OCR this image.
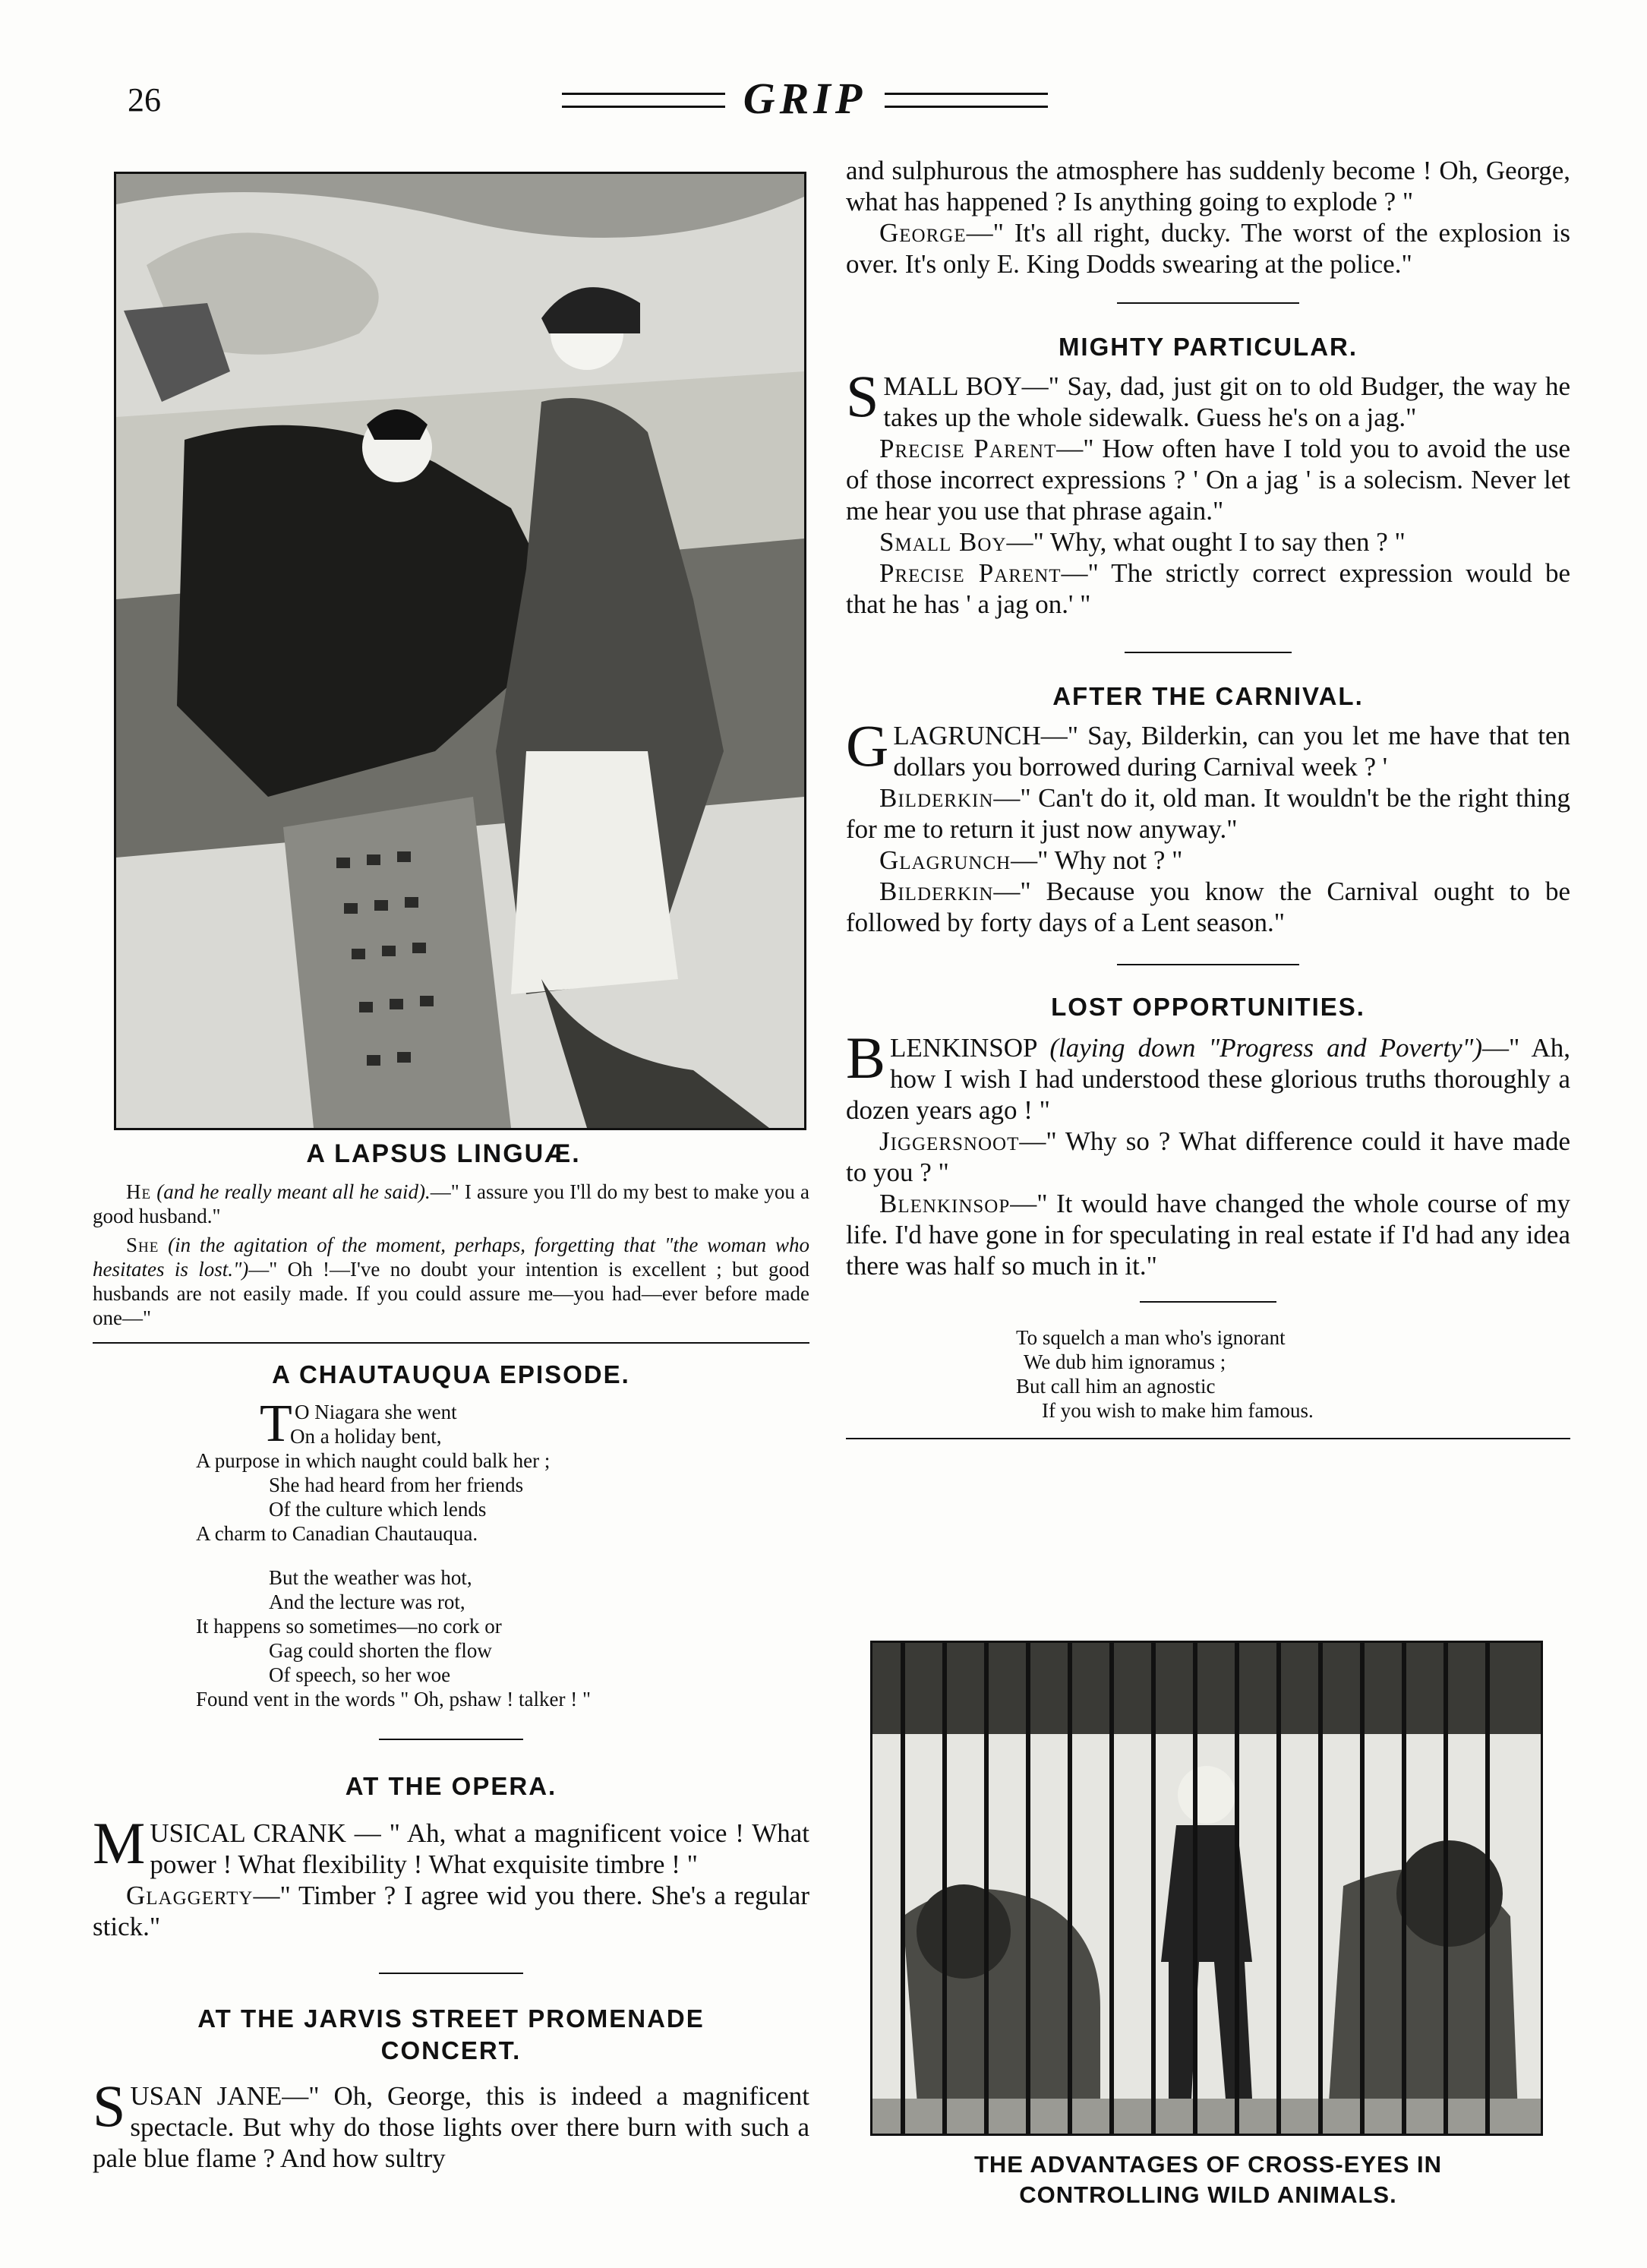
26	GRIP

A LAPSUS LINGUÆ.

He (and he really meant all he said).—" I assure you I'll do my best to make you a good husband."

She (in the agitation of the moment, perhaps, forgetting that "the woman who hesitates is lost.")—" Oh !—I've no doubt your intention is excellent ; but good husbands are not easily made. If you could assure me—you had—ever before made one—"

A CHAUTAUQUA EPISODE.

T O Niagara she went
On a holiday bent,
A purpose in which naught could balk her ;
She had heard from her friends
Of the culture which lends
A charm to Canadian Chautauqua.
But the weather was hot,
And the lecture was rot,
It happens so sometimes—no cork or
Gag could shorten the flow
Of speech, so her woe
Found vent in the words " Oh, pshaw ! talker ! "

AT THE OPERA.

MUSICAL CRANK — " Ah, what a magnificent voice ! What power ! What flexibility ! What exquisite timbre ! "

Glaggerty—" Timber ? I agree wid you there. She's a regular stick."

AT THE JARVIS STREET PROMENADE CONCERT.

SUSAN JANE—" Oh, George, this is indeed a magnificent spectacle. But why do those lights over there burn with such a pale blue flame ? And how sultry

and sulphurous the atmosphere has suddenly become ! Oh, George, what has happened ? Is anything going to explode ? "

George—" It's all right, ducky. The worst of the explosion is over. It's only E. King Dodds swearing at the police."

MIGHTY PARTICULAR.

SMALL BOY—" Say, dad, just git on to old Budger, the way he takes up the whole sidewalk. Guess he's on a jag."

Precise Parent—" How often have I told you to avoid the use of those incorrect expressions ? ' On a jag ' is a solecism. Never let me hear you use that phrase again."

Small Boy—" Why, what ought I to say then ? "

Precise Parent—" The strictly correct expression would be that he has ' a jag on.' "

AFTER THE CARNIVAL.

GLAGRUNCH—" Say, Bilderkin, can you let me have that ten dollars you borrowed during Carnival week ? '

Bilderkin—" Can't do it, old man. It wouldn't be the right thing for me to return it just now anyway."

Glagrunch—" Why not ? "

Bilderkin—" Because you know the Carnival ought to be followed by forty days of a Lent season."

LOST OPPORTUNITIES.

BLENKINSOP (laying down "Progress and Poverty")—" Ah, how I wish I had understood these glorious truths thoroughly a dozen years ago ! "

Jiggersnoot—" Why so ? What difference could it have made to you ? "

Blenkinsop—" It would have changed the whole course of my life. I'd have gone in for speculating in real estate if I'd had any idea there was half so much in it."

To squelch a man who's ignorant
We dub him ignoramus ;
But call him an agnostic
If you wish to make him famous.

THE ADVANTAGES OF CROSS-EYES IN

CONTROLLING WILD ANIMALS.
